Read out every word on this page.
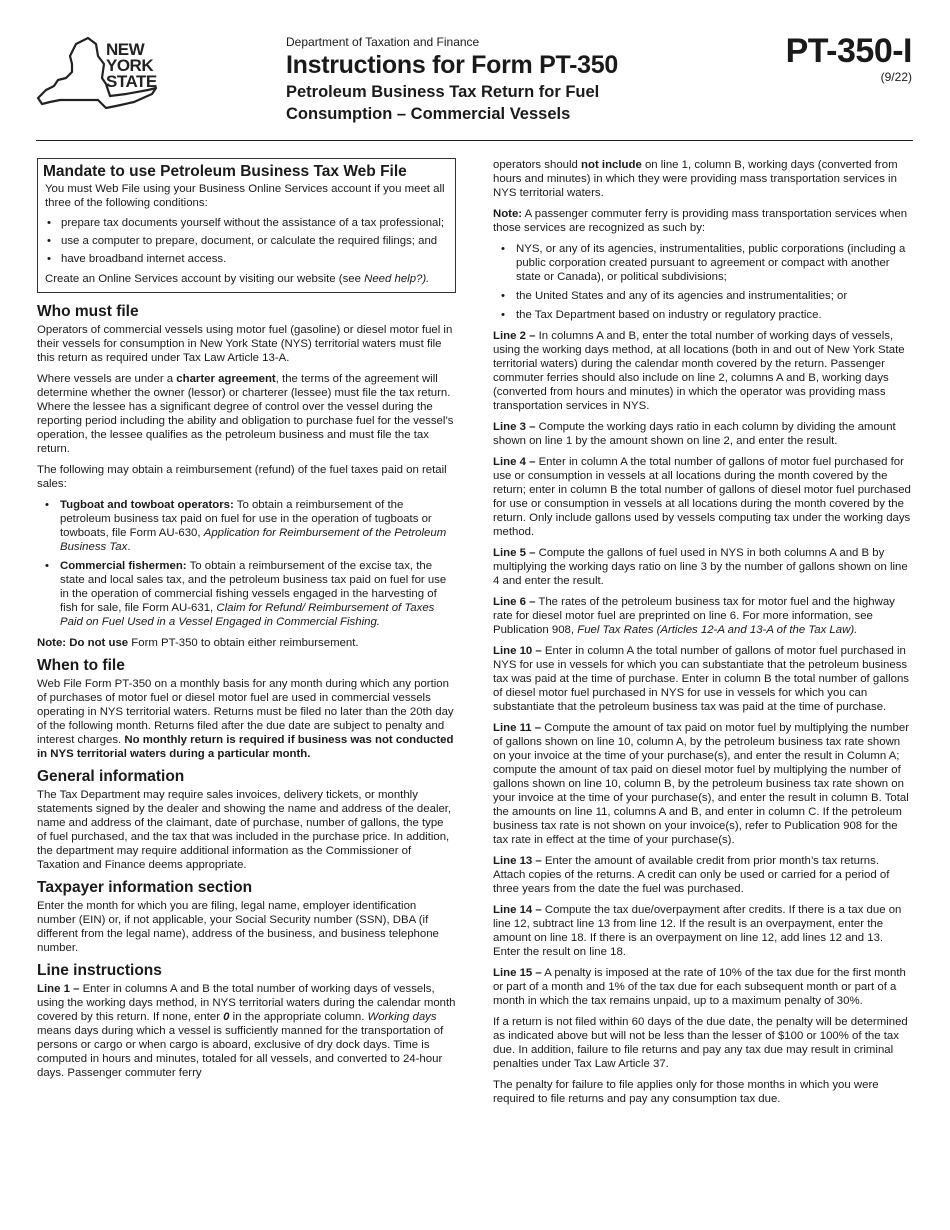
NEW
YORK
STATE
Department of Taxation and Finance
Instructions for Form PT-350
Petroleum Business Tax Return for Fuel
Consumption – Commercial Vessels
PT-350-I
(9/22)
Mandate to use Petroleum Business Tax Web File

You must Web File using your Business Online Services account if you meet all three of the following conditions:

• prepare tax documents yourself without the assistance of a tax professional;
• use a computer to prepare, document, or calculate the required filings; and
• have broadband internet access.

Create an Online Services account by visiting our website (see Need help?).

Who must file

Operators of commercial vessels using motor fuel (gasoline) or diesel motor fuel in their vessels for consumption in New York State (NYS) territorial waters must file this return as required under Tax Law Article 13-A.

Where vessels are under a charter agreement, the terms of the agreement will determine whether the owner (lessor) or charterer (lessee) must file the tax return. Where the lessee has a significant degree of control over the vessel during the reporting period including the ability and obligation to purchase fuel for the vessel’s operation, the lessee qualifies as the petroleum business and must file the tax return.

The following may obtain a reimbursement (refund) of the fuel taxes paid on retail sales:

• Tugboat and towboat operators: To obtain a reimbursement of the petroleum business tax paid on fuel for use in the operation of tugboats or towboats, file Form AU-630, Application for Reimbursement of the Petroleum Business Tax.
• Commercial fishermen: To obtain a reimbursement of the excise tax, the state and local sales tax, and the petroleum business tax paid on fuel for use in the operation of commercial fishing vessels engaged in the harvesting of fish for sale, file Form AU-631, Claim for Refund/ Reimbursement of Taxes Paid on Fuel Used in a Vessel Engaged in Commercial Fishing.

Note: Do not use Form PT-350 to obtain either reimbursement.

When to file

Web File Form PT-350 on a monthly basis for any month during which any portion of purchases of motor fuel or diesel motor fuel are used in commercial vessels operating in NYS territorial waters. Returns must be filed no later than the 20th day of the following month. Returns filed after the due date are subject to penalty and interest charges. No monthly return is required if business was not conducted in NYS territorial waters during a particular month.

General information

The Tax Department may require sales invoices, delivery tickets, or monthly statements signed by the dealer and showing the name and address of the dealer, name and address of the claimant, date of purchase, number of gallons, the type of fuel purchased, and the tax that was included in the purchase price. In addition, the department may require additional information as the Commissioner of Taxation and Finance deems appropriate.

Taxpayer information section

Enter the month for which you are filing, legal name, employer identification number (EIN) or, if not applicable, your Social Security number (SSN), DBA (if different from the legal name), address of the business, and business telephone number.

Line instructions

Line 1 – Enter in columns A and B the total number of working days of vessels, using the working days method, in NYS territorial waters during the calendar month covered by this return. If none, enter 0 in the appropriate column. Working days means days during which a vessel is sufficiently manned for the transportation of persons or cargo or when cargo is aboard, exclusive of dry dock days. Time is computed in hours and minutes, totaled for all vessels, and converted to 24-hour days. Passenger commuter ferry

operators should not include on line 1, column B, working days (converted from hours and minutes) in which they were providing mass transportation services in NYS territorial waters.

Note: A passenger commuter ferry is providing mass transportation services when those services are recognized as such by:

• NYS, or any of its agencies, instrumentalities, public corporations (including a public corporation created pursuant to agreement or compact with another state or Canada), or political subdivisions;
• the United States and any of its agencies and instrumentalities; or
• the Tax Department based on industry or regulatory practice.

Line 2 – In columns A and B, enter the total number of working days of vessels, using the working days method, at all locations (both in and out of New York State territorial waters) during the calendar month covered by the return. Passenger commuter ferries should also include on line 2, columns A and B, working days (converted from hours and minutes) in which the operator was providing mass transportation services in NYS.

Line 3 – Compute the working days ratio in each column by dividing the amount shown on line 1 by the amount shown on line 2, and enter the result.

Line 4 – Enter in column A the total number of gallons of motor fuel purchased for use or consumption in vessels at all locations during the month covered by the return; enter in column B the total number of gallons of diesel motor fuel purchased for use or consumption in vessels at all locations during the month covered by the return. Only include gallons used by vessels computing tax under the working days method.

Line 5 – Compute the gallons of fuel used in NYS in both columns A and B by multiplying the working days ratio on line 3 by the number of gallons shown on line 4 and enter the result.

Line 6 – The rates of the petroleum business tax for motor fuel and the highway rate for diesel motor fuel are preprinted on line 6. For more information, see Publication 908, Fuel Tax Rates (Articles 12-A and 13-A of the Tax Law).

Line 10 – Enter in column A the total number of gallons of motor fuel purchased in NYS for use in vessels for which you can substantiate that the petroleum business tax was paid at the time of purchase. Enter in column B the total number of gallons of diesel motor fuel purchased in NYS for use in vessels for which you can substantiate that the petroleum business tax was paid at the time of purchase.

Line 11 – Compute the amount of tax paid on motor fuel by multiplying the number of gallons shown on line 10, column A, by the petroleum business tax rate shown on your invoice at the time of your purchase(s), and enter the result in Column A; compute the amount of tax paid on diesel motor fuel by multiplying the number of gallons shown on line 10, column B, by the petroleum business tax rate shown on your invoice at the time of your purchase(s), and enter the result in column B. Total the amounts on line 11, columns A and B, and enter in column C. If the petroleum business tax rate is not shown on your invoice(s), refer to Publication 908 for the tax rate in effect at the time of your purchase(s).

Line 13 – Enter the amount of available credit from prior month’s tax returns. Attach copies of the returns. A credit can only be used or carried for a period of three years from the date the fuel was purchased.

Line 14 – Compute the tax due/overpayment after credits. If there is a tax due on line 12, subtract line 13 from line 12. If the result is an overpayment, enter the amount on line 18. If there is an overpayment on line 12, add lines 12 and 13. Enter the result on line 18.

Line 15 – A penalty is imposed at the rate of 10% of the tax due for the first month or part of a month and 1% of the tax due for each subsequent month or part of a month in which the tax remains unpaid, up to a maximum penalty of 30%.

If a return is not filed within 60 days of the due date, the penalty will be determined as indicated above but will not be less than the lesser of $100 or 100% of the tax due. In addition, failure to file returns and pay any tax due may result in criminal penalties under Tax Law Article 37.

The penalty for failure to file applies only for those months in which you were required to file returns and pay any consumption tax due.
